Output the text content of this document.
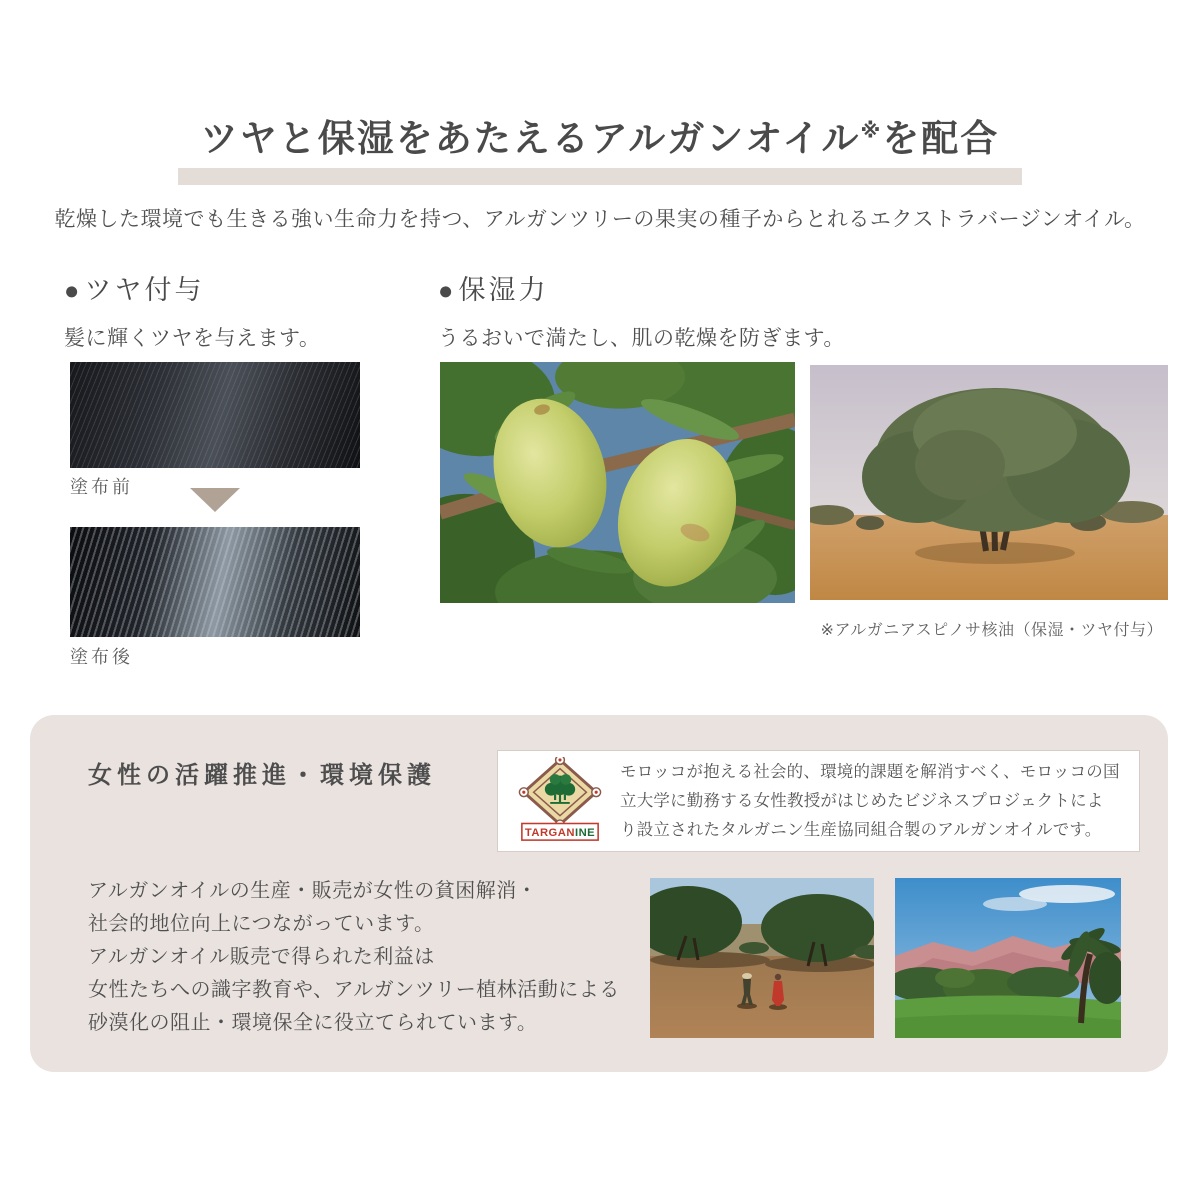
ツヤと保湿をあたえるアルガンオイル※を配合

乾燥した環境でも生きる強い生命力を持つ、アルガンツリーの果実の種子からとれるエクストラバージンオイル。

●ツヤ付与

髪に輝くツヤを与えます。

塗布前
塗布後
●保湿力

うるおいで満たし、肌の乾燥を防ぎます。

※アルガニアスピノサ核油（保湿・ツヤ付与）

女性の活躍推進・環境保護
TARGANINE
モロッコが抱える社会的、環境的課題を解消すべく、モロッコの国
立大学に勤務する女性教授がはじめたビジネスプロジェクトによ
り設立されたタルガニン生産協同組合製のアルガンオイルです。
アルガンオイルの生産・販売が女性の貧困解消・
社会的地位向上につながっています。
アルガンオイル販売で得られた利益は
女性たちへの識字教育や、アルガンツリー植林活動による
砂漠化の阻止・環境保全に役立てられています。
